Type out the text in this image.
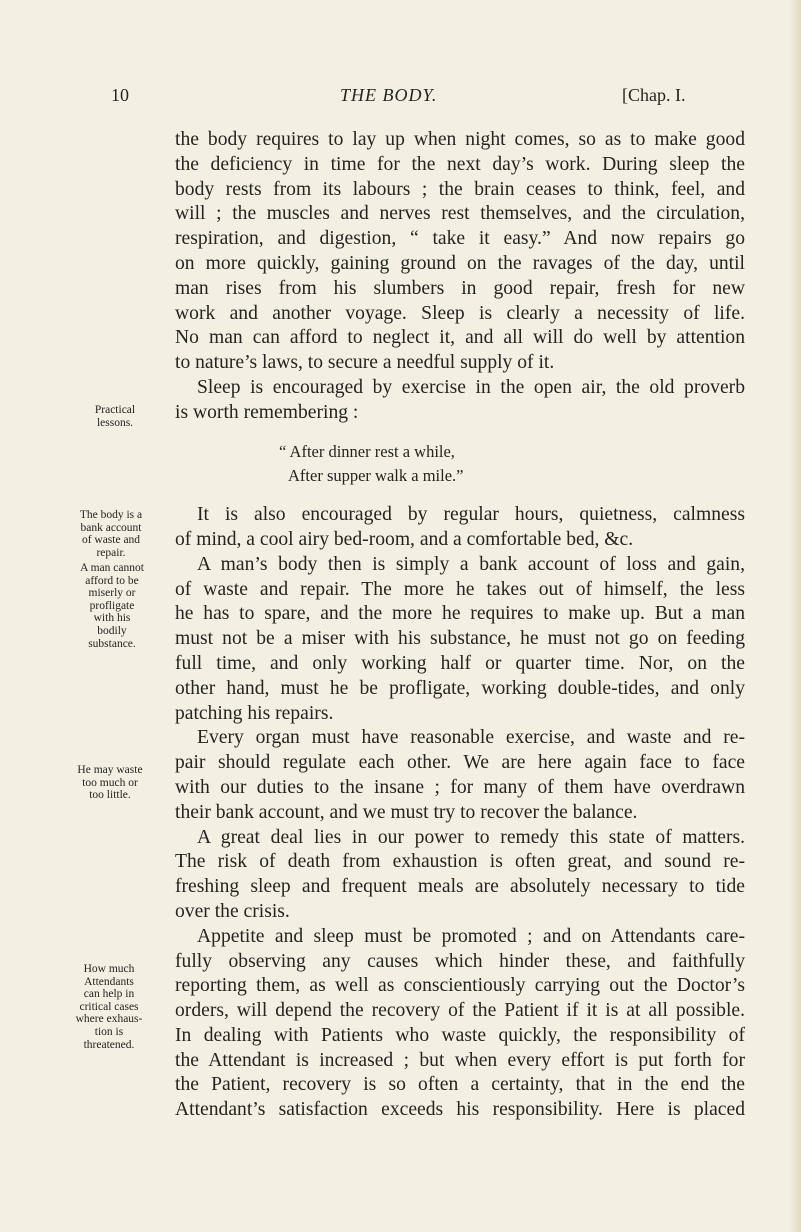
10	THE BODY.	[Chap. I.
the body requires to lay up when night comes, so as to make good
the deficiency in time for the next day’s work. During sleep the
body rests from its labours ; the brain ceases to think, feel, and
will ; the muscles and nerves rest themselves, and the circulation,
respiration, and digestion, “ take it easy.” And now repairs go
on more quickly, gaining ground on the ravages of the day, until
man rises from his slumbers in good repair, fresh for new
work and another voyage. Sleep is clearly a necessity of life.
No man can afford to neglect it, and all will do well by attention
to nature’s laws, to secure a needful supply of it.
Sleep is encouraged by exercise in the open air, the old proverb
is worth remembering :
“ After dinner rest a while,
After supper walk a mile.”
It is also encouraged by regular hours, quietness, calmness
of mind, a cool airy bed-room, and a comfortable bed, &c.
A man’s body then is simply a bank account of loss and gain,
of waste and repair. The more he takes out of himself, the less
he has to spare, and the more he requires to make up. But a man
must not be a miser with his substance, he must not go on feeding
full time, and only working half or quarter time. Nor, on the
other hand, must he be profligate, working double-tides, and only
patching his repairs.
Every organ must have reasonable exercise, and waste and re-
pair should regulate each other. We are here again face to face
with our duties to the insane ; for many of them have overdrawn
their bank account, and we must try to recover the balance.
A great deal lies in our power to remedy this state of matters.
The risk of death from exhaustion is often great, and sound re-
freshing sleep and frequent meals are absolutely necessary to tide
over the crisis.
Appetite and sleep must be promoted ; and on Attendants care-
fully observing any causes which hinder these, and faithfully
reporting them, as well as conscientiously carrying out the Doctor’s
orders, will depend the recovery of the Patient if it is at all possible.
In dealing with Patients who waste quickly, the responsibility of
the Attendant is increased ; but when every effort is put forth for
the Patient, recovery is so often a certainty, that in the end the
Attendant’s satisfaction exceeds his responsibility. Here is placed
Practical
lessons.
The body is a
bank account
of waste and
repair.
A man cannot
afford to be
miserly or
profligate
with his
bodily
substance.
He may waste
too much or
too little.
How much
Attendants
can help in
critical cases
where exhaus-
tion is
threatened.
